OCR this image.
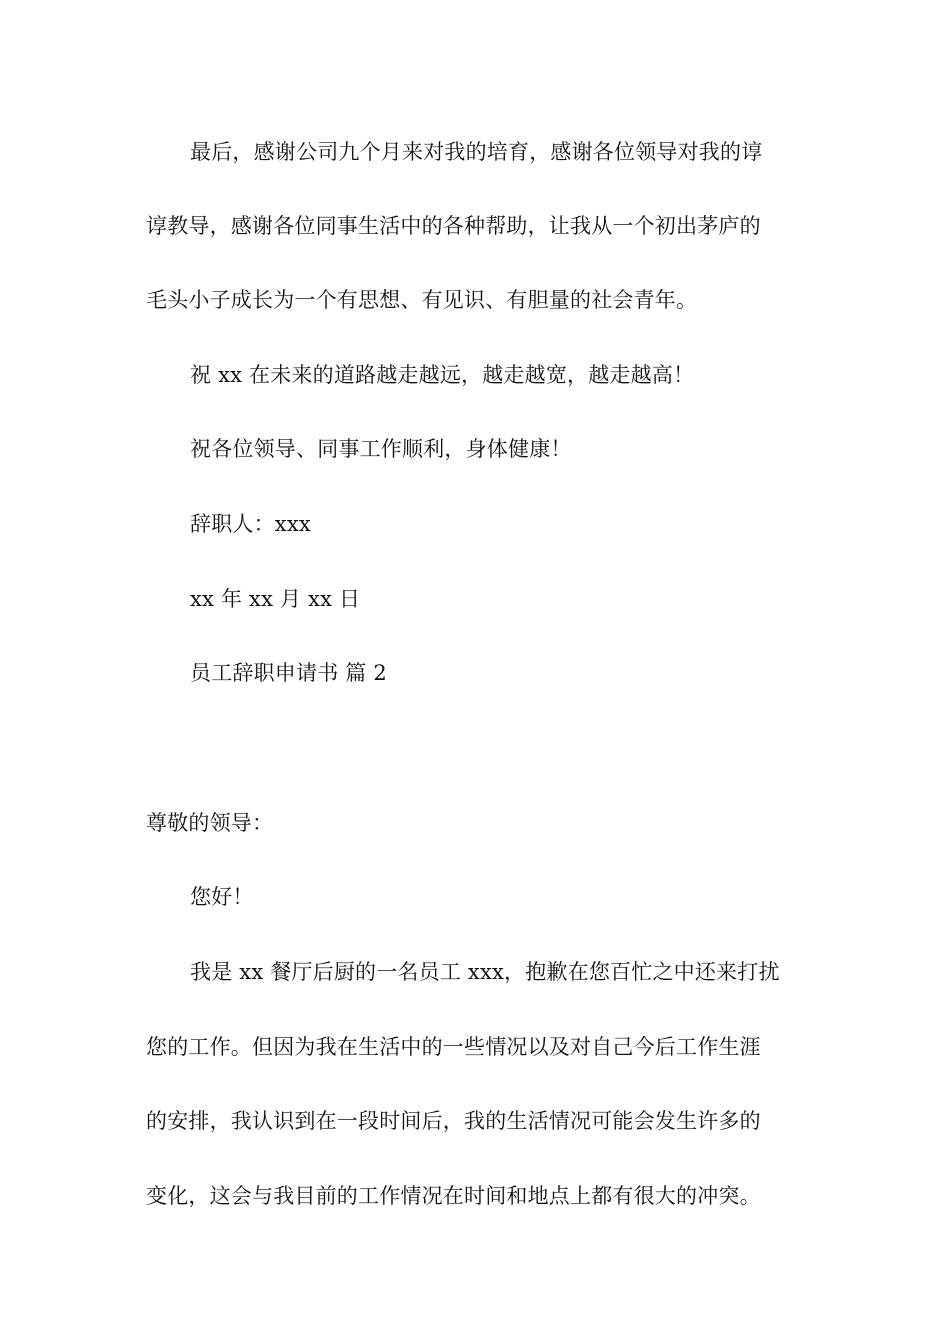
最后，感谢公司九个月来对我的培育，感谢各位领导对我的谆
谆教导，感谢各位同事生活中的各种帮助，让我从一个初出茅庐的
毛头小子成长为一个有思想、有见识、有胆量的社会青年。
祝 xx 在未来的道路越走越远，越走越宽，越走越高！
祝各位领导、同事工作顺利，身体健康！
辞职人：xxx
xx 年 xx 月 xx 日
员工辞职申请书 篇 2
尊敬的领导：
您好！
我是 xx 餐厅后厨的一名员工 xxx，抱歉在您百忙之中还来打扰
您的工作。但因为我在生活中的一些情况以及对自己今后工作生涯
的安排，我认识到在一段时间后，我的生活情况可能会发生许多的
变化，这会与我目前的工作情况在时间和地点上都有很大的冲突。
